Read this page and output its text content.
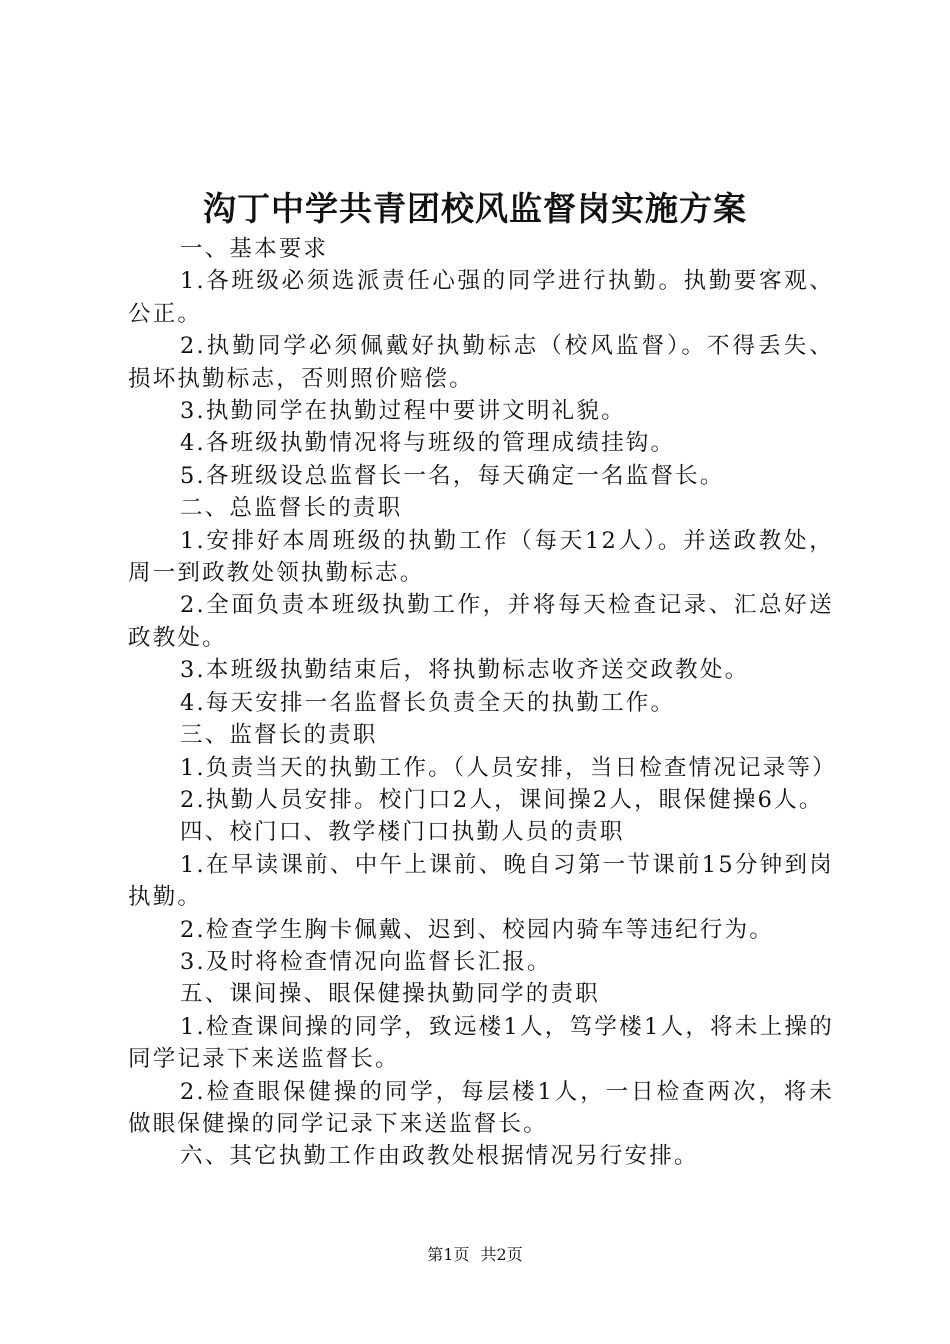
沟丁中学共青团校风监督岗实施方案

一、基本要求

1.各班级必须选派责任心强的同学进行执勤。执勤要客观、公正。

2.执勤同学必须佩戴好执勤标志（校风监督）。不得丢失、损坏执勤标志，否则照价赔偿。

3.执勤同学在执勤过程中要讲文明礼貌。

4.各班级执勤情况将与班级的管理成绩挂钩。

5.各班级设总监督长一名，每天确定一名监督长。

二、总监督长的责职

1.安排好本周班级的执勤工作（每天12人）。并送政教处，周一到政教处领执勤标志。

2.全面负责本班级执勤工作，并将每天检查记录、汇总好送政教处。

3.本班级执勤结束后，将执勤标志收齐送交政教处。

4.每天安排一名监督长负责全天的执勤工作。

三、监督长的责职

1.负责当天的执勤工作。（人员安排，当日检查情况记录等）

2.执勤人员安排。校门口2人，课间操2人，眼保健操6人。

四、校门口、教学楼门口执勤人员的责职

1.在早读课前、中午上课前、晚自习第一节课前15分钟到岗执勤。

2.检查学生胸卡佩戴、迟到、校园内骑车等违纪行为。

3.及时将检查情况向监督长汇报。

五、课间操、眼保健操执勤同学的责职

1.检查课间操的同学，致远楼1人，笃学楼1人，将未上操的同学记录下来送监督长。

2.检查眼保健操的同学，每层楼1人，一日检查两次，将未做眼保健操的同学记录下来送监督长。

六、其它执勤工作由政教处根据情况另行安排。

第1页 共2页
